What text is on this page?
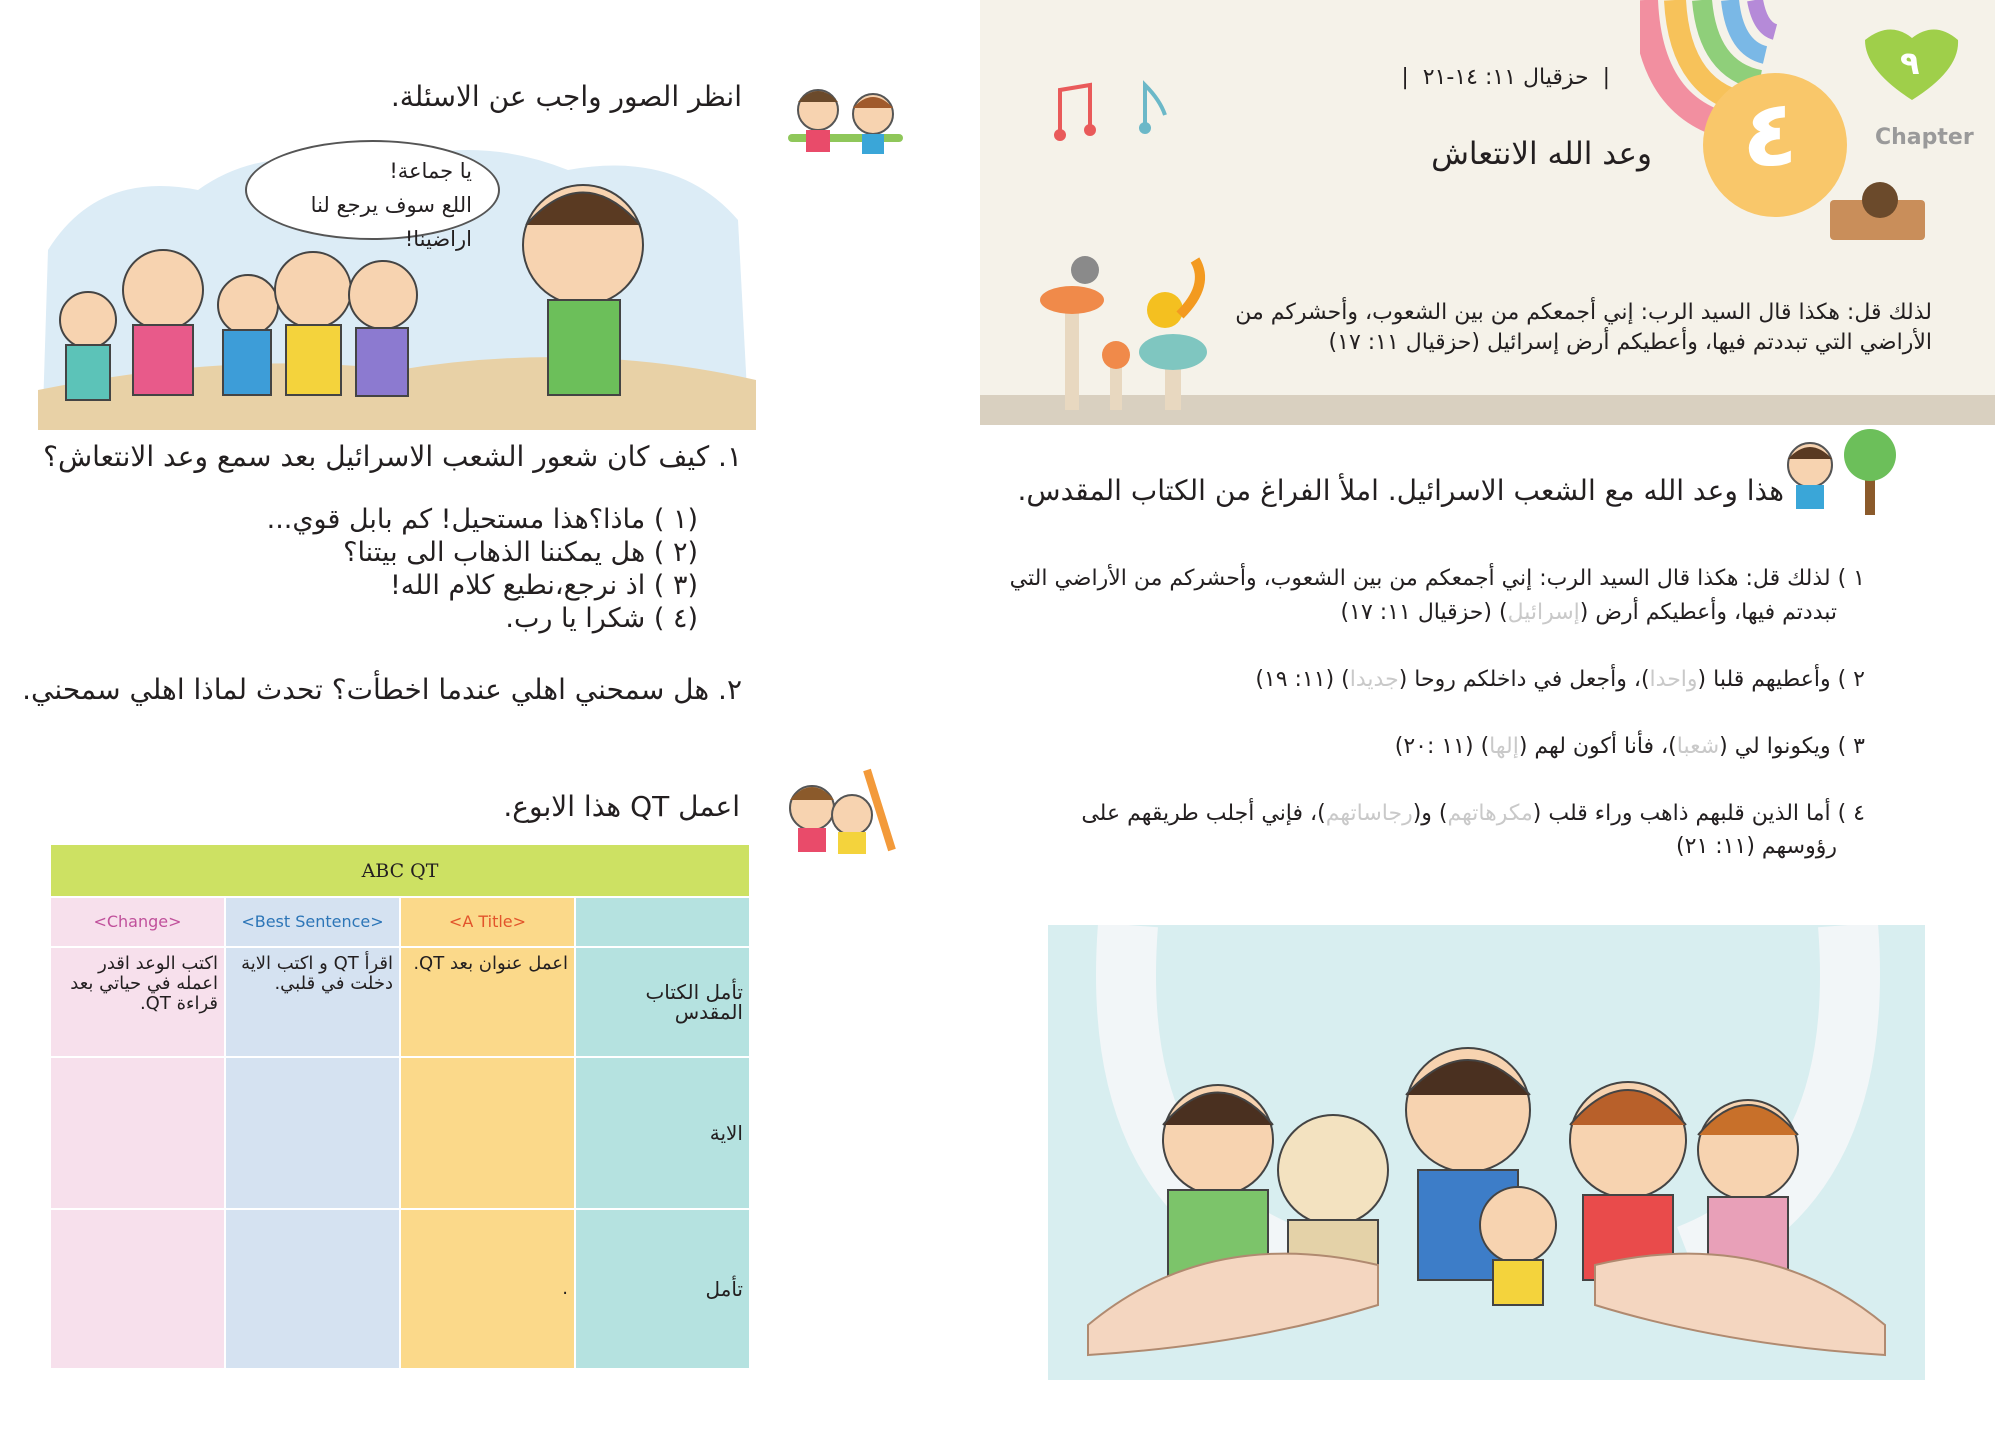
انظر الصور واجب عن الاسئلة.
يا جماعة!
اللع سوف يرجع لنا اراضينا!
١. كيف كان شعور الشعب الاسرائيل بعد سمع وعد الانتعاش؟
(١ ) ماذا؟هذا مستحيل! كم بابل قوي...
(٢ ) هل يمكننا الذهاب الى بيتنا؟
(٣ ) اذ نرجع،نطيع كلام الله!
(٤ ) شكرا يا رب.
٢. هل سمحني اهلي عندما اخطأت؟ تحدث لماذا اهلي سمحني.
اعمل QT هذا الابوع.
ABC QT			
<Change>	<Best Sentence>	<A Title>	
اكتب الوعد اقدر اعمله في حياتي بعد قراءة QT.	اقرأ QT و اكتب الاية دخلت في قلبي.	اعمل عنوان بعد QT.	تأمل الكتاب المقدس
			الاية
		.	تأمل
٤
٩
Chapter
|  حزقيال ١١: ١٤-٢١  |
وعد الله الانتعاش
لذلك قل: هكذا قال السيد الرب: إني أجمعكم من بين الشعوب، وأحشركم من
الأراضي التي تبددتم فيها، وأعطيكم أرض إسرائيل (حزقيال ١١: ١٧)
هذا وعد الله مع الشعب الاسرائيل. املأ الفراغ من الكتاب المقدس.
١ ) لذلك قل: هكذا قال السيد الرب: إني أجمعكم من بين الشعوب، وأحشركم من الأراضي التي
تبددتم فيها، وأعطيكم أرض (إسرائيل) (حزقيال ١١: ١٧)
٢ ) وأعطيهم قلبا (واحدا)، وأجعل في داخلكم روحا (جديدا) (١١: ١٩)
٣ ) ويكونوا لي (شعبا)، فأنا أكون لهم (إلها) (١١ :٢٠)
٤ ) أما الذين قلبهم ذاهب وراء قلب (مكرهاتهم) و(رجاساتهم)، فإني أجلب طريقهم على
رؤوسهم (١١: ٢١)
